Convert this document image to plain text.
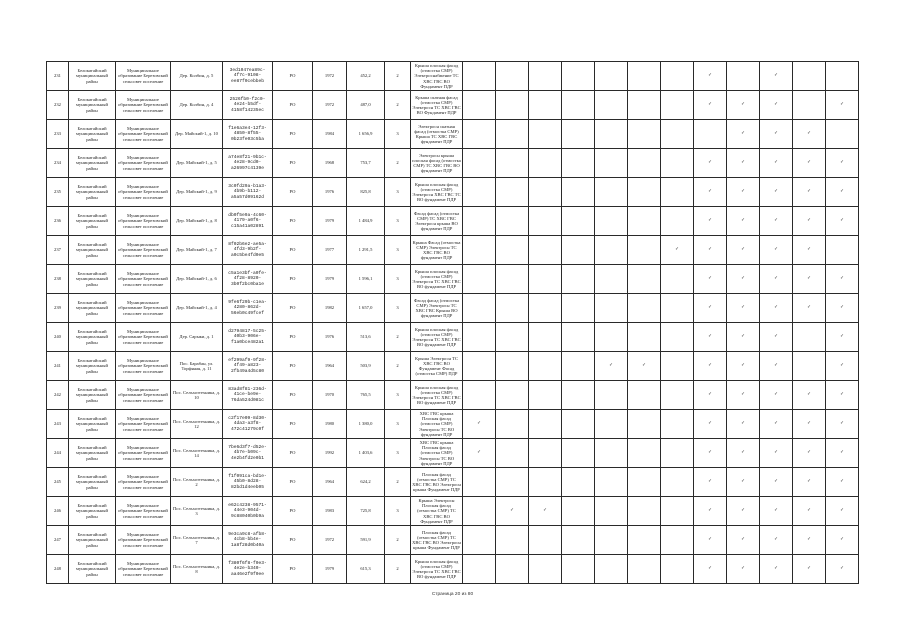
231	Белокатайский муниципальный район	Муниципальное образование Березовский сельсовет поселение	Дер. Колбин, д. 5	3ed1047ea89c-4f7c-9108-ee87f0cebbeb	РО	1972	452,2	2	Крыша плоская фасад (отмостка СМР) Электроснабжение ТС ХВС ГВС ВО Фундамент ПДР								✓		✓		
232	Белокатайский муниципальный район	Муниципальное образование Березовский сельсовет поселение	Дер. Колбин, д. 4	2526fb0-f2c0-4e24-b5df-4158f14235ec	РО	1972	487,0	2	Крыша скатная фасад (отмостка СМР) Электросн ТС ХВС ГВС ВО Фундамент ПДР								✓	✓	✓		✓
233	Белокатайский муниципальный район	Муниципальное образование Березовский сельсовет поселение	Дер. Майский-1, д. 10	f1e6a3e4-12f3-4850-8f55-0b23fe03c5ba	РО	1984	1 656,9	3	Электросн скатная фасад (отмостка СМР) Крыша ТС ХВС ГВС фундамент ПДР									✓	✓	✓	
234	Белокатайский муниципальный район	Муниципальное образование Березовский сельсовет поселение	Дер. Майский-1, д. 5	a74e8f21-9b1c-4e28-9cd0-a26997c4139e	РО	1968	753,7	2	Электросн крыша плоская фасад (отмостка СМР) ТС ХВС ГВС ВО фундамент ПДР								✓	✓	✓	✓	✓
235	Белокатайский муниципальный район	Муниципальное образование Березовский сельсовет поселение	Дер. Майский-1, д. 9	3c0fd29a-b1a3-4b9b-b112-a5a57d09162d	РО	1976	825,8	3	Крыша плоская фасад (отмостка СМР) Электросн ХВС ГВС ТС ВО фундамент ПДР								✓	✓	✓	✓	✓
236	Белокатайский муниципальный район	Муниципальное образование Березовский сельсовет поселение	Дер. Майский-1, д. 8	db0f5e9a-4c60-4179-a0f6-c15a41a02891	РО	1979	1 484,9	3	Фасад фасад (отмостка СМР) ТС ХВС ГВС Электросн крыша ВО фундамент ПДР								✓	✓	✓	✓	✓
237	Белокатайский муниципальный район	Муниципальное образование Березовский сельсовет поселение	Дер. Майский-1, д. 7	8f02b6e2-ae5a-4fd3-9b2f-a0c5be4fd0e5	РО	1977	1 291,5	3	Крыша Фасад (отмостка СМР) Электросн ТС ХВС ГВС ВО фундамент ПДР							✓	✓	✓	✓	✓	
238	Белокатайский муниципальный район	Муниципальное образование Березовский сельсовет поселение	Дер. Майский-1, д. 6	c5a1e3bf-a0fe-4f28-8920-3b0f2bc0ba1e	РО	1979	1 596,1	3	Крыша плоская фасад (отмостка СМР) Электросн ТС ХВС ГВС ВО фундамент ПДР								✓	✓	✓	✓	✓
239	Белокатайский муниципальный район	Муниципальное образование Березовский сельсовет поселение	Дер. Майский-1, д. 4	9fe6f29b-c1ea-4280-862d-56eb0c49fcef	РО	1982	1 657,0	3	Фасад фасад (отмостка СМР) Электросн ТС ХВС ГВС Крыша ВО фундамент ПДР								✓	✓	✓	✓	✓
240	Белокатайский муниципальный район	Муниципальное образование Березовский сельсовет поселение	Дер. Сарыки, д. 1	d2794817-5c25-40b3-906e-f1a0bce482a1	РО	1976	513,6	2	Крыша плоская фасад (отмостка СМР) Электросн ТС ХВС ГВС ВО фундамент ПДР								✓	✓	✓		✓
241	Белокатайский муниципальный район	Муниципальное образование Березовский сельсовет поселение	Пос. Барабан, ул. Торфяная, д. 11	ef299af9-9f28-4f49-a823-2fb49a4d5c80	РО	1964	503,9	2	Крыша Электросн ТС ХВС ГВС ВО Фундамент Фасад (отмостка СМР) ПДР					✓	✓		✓	✓	✓		✓
242	Белокатайский муниципальный район	Муниципальное образование Березовский сельсовет поселение	Пос. Сельхозтехника, д. 10	83ad8f81-236d-41ce-be9e-76da524d081c	РО	1970	765,5	3	Крыша плоская фасад (отмостка СМР) Электросн ТС ХВС ГВС ВО фундамент ПДР								✓	✓	✓	✓	✓
243	Белокатайский муниципальный район	Муниципальное образование Березовский сельсовет поселение	Пос. Сельхозтехника, д. 12	c2f17e09-8d30-4da3-a3f8-472c41279c0f	РО	1980	1 380,0	3	ХВС ГВС крыша Плоская фасад (отмостка СМР) Электросн ТС ВО фундамент ПДР	✓							✓	✓	✓	✓	✓
244	Белокатайский муниципальный район	Муниципальное образование Березовский сельсовет поселение	Пос. Сельхозтехника, д. 14	7be6d3f7-d52e-4b7e-b09c-4e2b4fd2e0b1	РО	1992	1 403,6	3	ХВС ГВС крыша Плоская фасад (отмостка СМР) Электросн ТС ВО фундамент ПДР	✓							✓	✓	✓	✓	✓
245	Белокатайский муниципальный район	Муниципальное образование Березовский сельсовет поселение	Пос. Сельхозтехника, д. 2	f1f091ca-bd1e-45b0-8d28-82bd1d4eeb05	РО	1964	624,2	2	Плоская фасад (отмостка СМР) ТС ХВС ГВС ВО Электросн крыша Фундамент ПДР								✓	✓	✓	✓	✓
246	Белокатайский муниципальный район	Муниципальное образование Березовский сельсовет поселение	Пос. Сельхозтехника, д. 3	e62c4238-9571-44e3-904d-9c88040b0b9a	РО	1983	725,8	3	Крыша Электросн Плоская фасад (отмостка СМР) ТС ХВС ГВС ВО Фундамент ПДР		✓	✓					✓	✓	✓	✓	✓
247	Белокатайский муниципальный район	Муниципальное образование Березовский сельсовет поселение	Пос. Сельхозтехника, д. 7	9e3ca9c8-afb8-4cb8-bb4e-1a8f28d0b40a	РО	1972	591,9	2	Плоская фасад (отмостка СМР) ТС ХВС ГВС ВО Электросн крыша Фундамент ПДР								✓	✓	✓	✓	✓
248	Белокатайский муниципальный район	Муниципальное образование Березовский сельсовет поселение	Пос. Сельхозтехника, д. 8	f380f6f8-f0e3-4e2e-b340-aa46e2f9f0ee	РО	1979	615,3	2	Крыша плоская фасад (отмостка СМР) Электросн ТС ХВС ГВС ВО фундамент ПДР								✓	✓	✓	✓	✓
Страница 20 из 80
